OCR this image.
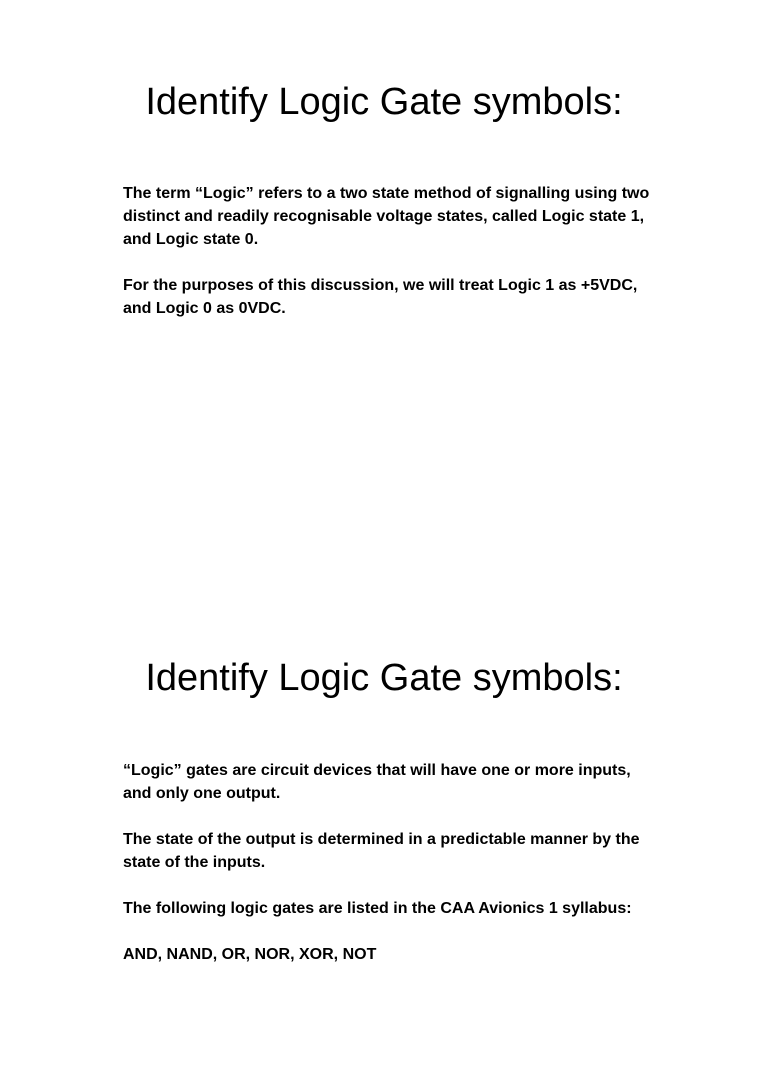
Identify Logic Gate symbols:

The term “Logic” refers to a two state method of signalling using two distinct and readily recognisable voltage states, called Logic state 1, and Logic state 0.

For the purposes of this discussion, we will treat Logic 1 as +5VDC, and Logic 0 as 0VDC.

Identify Logic Gate symbols:

“Logic” gates are circuit devices that will have one or more inputs, and only one output.

The state of the output is determined in a predictable manner by the state of the inputs.

The following logic gates are listed in the CAA Avionics 1 syllabus:

AND, NAND, OR, NOR, XOR, NOT
